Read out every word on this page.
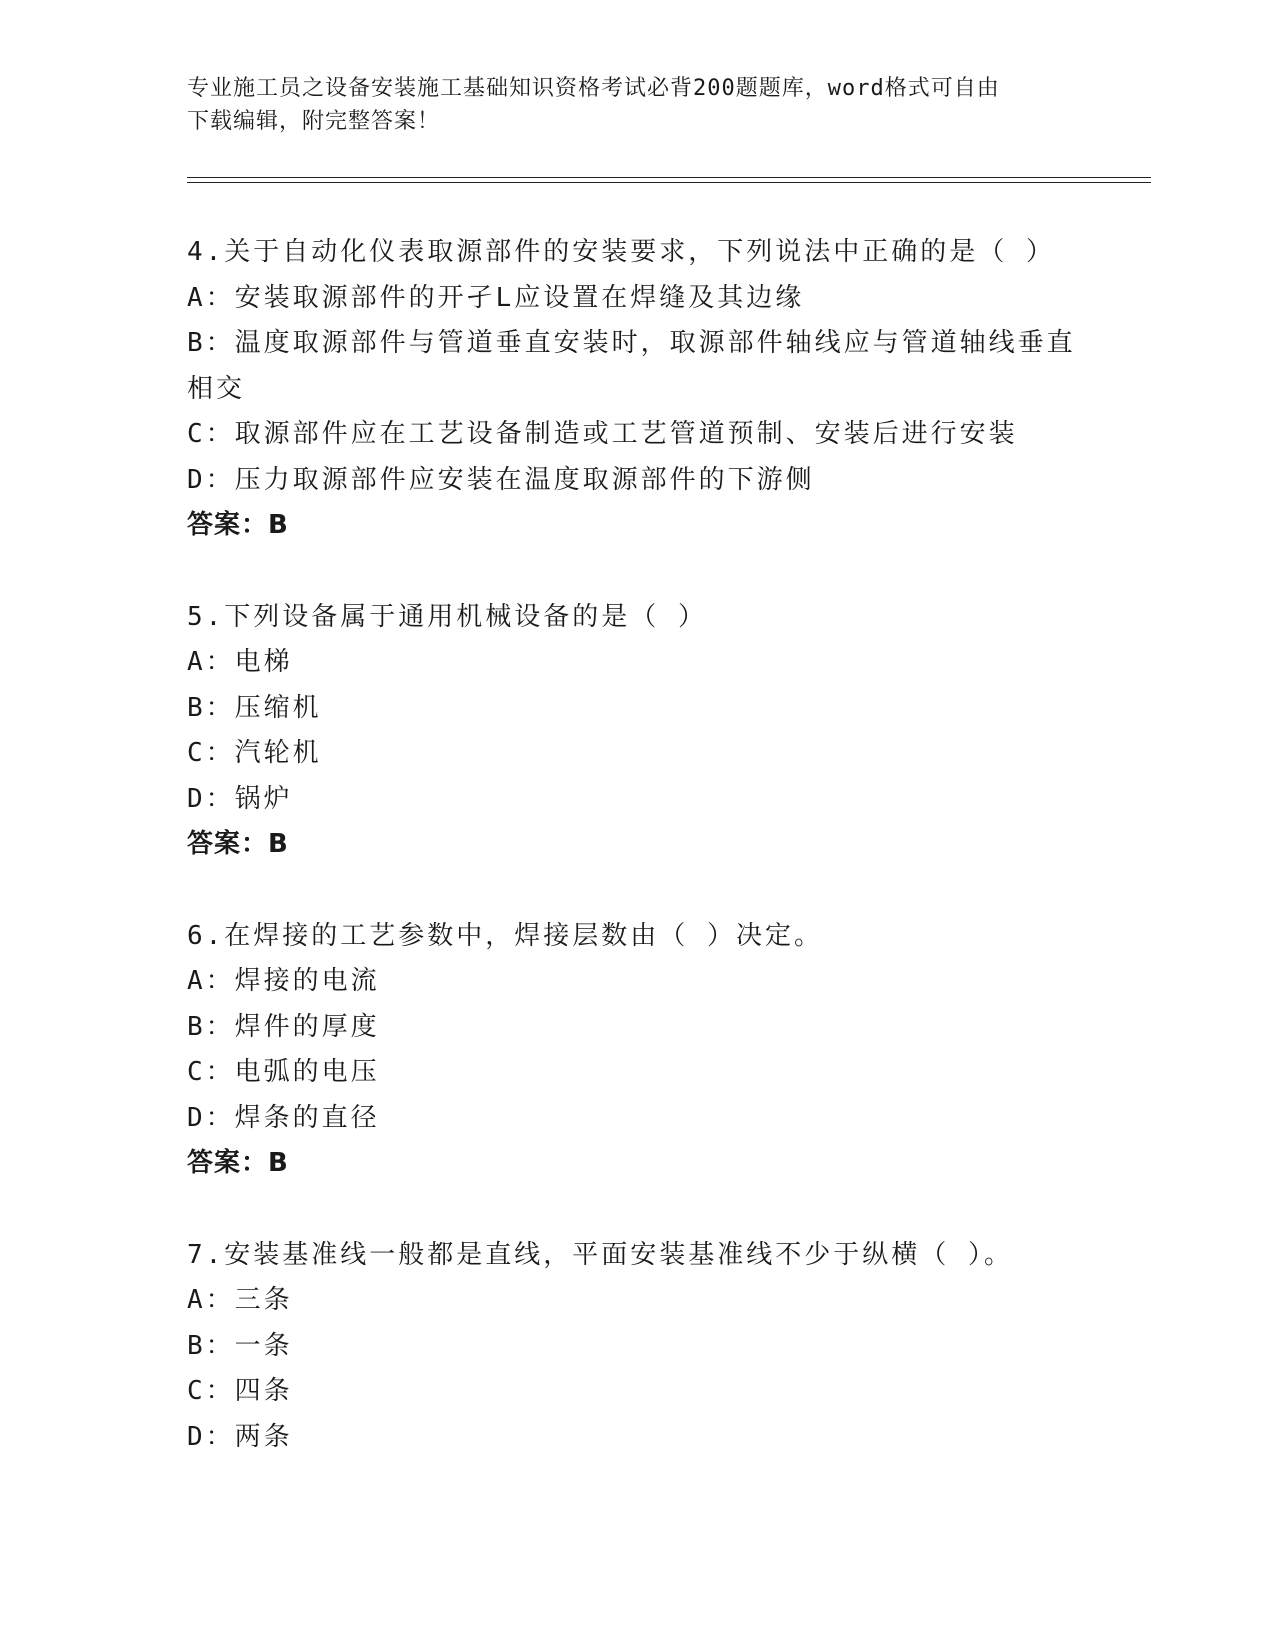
专业施工员之设备安装施工基础知识资格考试必背200题题库，word格式可自由
下载编辑，附完整答案！
4.关于自动化仪表取源部件的安装要求，下列说法中正确的是（ ）
A：安装取源部件的开孑L应设置在焊缝及其边缘
B：温度取源部件与管道垂直安装时，取源部件轴线应与管道轴线垂直相交
C：取源部件应在工艺设备制造或工艺管道预制、安装后进行安装
D：压力取源部件应安装在温度取源部件的下游侧
答案：B
5.下列设备属于通用机械设备的是（ ）
A：电梯
B：压缩机
C：汽轮机
D：锅炉
答案：B
6.在焊接的工艺参数中，焊接层数由（ ）决定。
A：焊接的电流
B：焊件的厚度
C：电弧的电压
D：焊条的直径
答案：B
7.安装基准线一般都是直线，平面安装基准线不少于纵横（ ）。
A：三条
B：一条
C：四条
D：两条
